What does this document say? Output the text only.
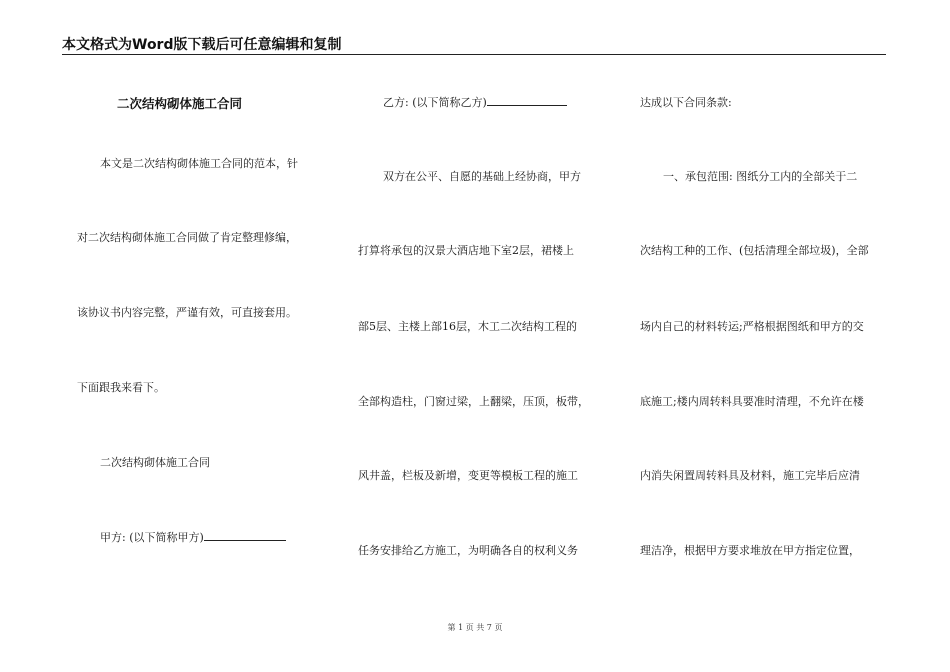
本文格式为Word版下载后可任意编辑和复制
二次结构砌体施工合同
本文是二次结构砌体施工合同的范本，针
对二次结构砌体施工合同做了肯定整理修编，
该协议书内容完整，严谨有效，可直接套用。
下面跟我来看下。
二次结构砌体施工合同
甲方: (以下简称甲方)
乙方: (以下简称乙方)
双方在公平、自愿的基础上经协商，甲方
打算将承包的汉景大酒店地下室2层，裙楼上
部5层、主楼上部16层，木工二次结构工程的
全部构造柱，门窗过梁，上翻梁，压顶，板带，
风井盖，栏板及新增，变更等模板工程的施工
任务安排给乙方施工，为明确各自的权利义务
达成以下合同条款:
一、承包范围: 图纸分工内的全部关于二
次结构工种的工作、(包括清理全部垃圾)，全部
场内自己的材料转运;严格根据图纸和甲方的交
底施工;楼内周转料具要准时清理，不允许在楼
内消失闲置周转料具及材料，施工完毕后应清
理洁净，根据甲方要求堆放在甲方指定位置，
第 1 页 共 7 页
